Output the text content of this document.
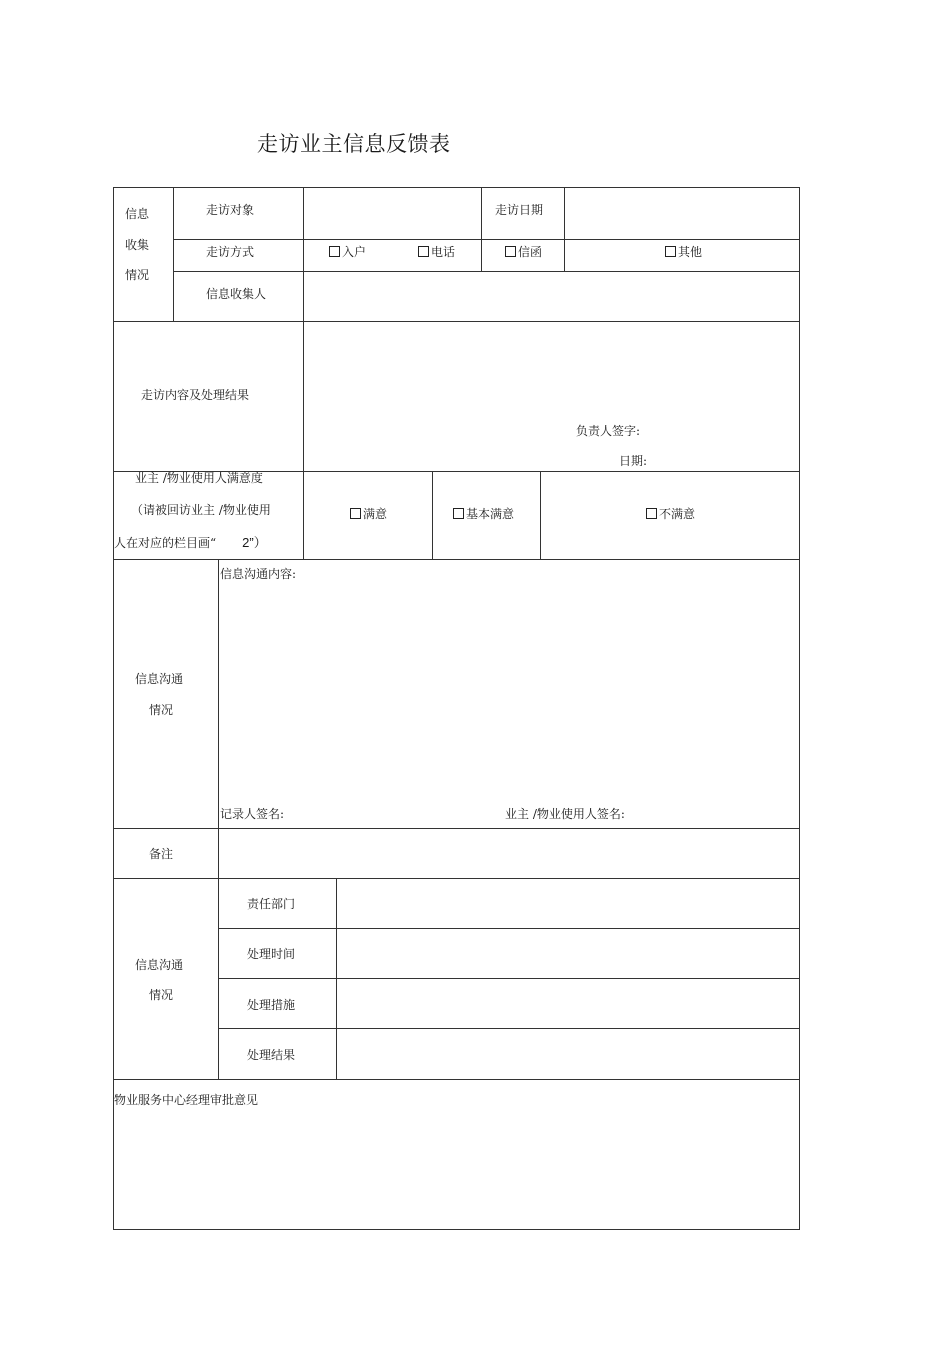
走访业主信息反馈表
信息
收集
情况
走访对象	走访日期
走访方式	入户	电话	信函	其他
信息收集人
走访内容及处理结果
负责人签字:
日期:
业主 /物业使用人满意度
（请被回访业主 /物业使用
人在对应的栏目画“ 2”）
满意	基本满意	不满意
信息沟通
情况
信息沟通内容:
记录人签名:	业主 /物业使用人签名:
备注
信息沟通
情况
责任部门
处理时间
处理措施
处理结果
物业服务中心经理审批意见
